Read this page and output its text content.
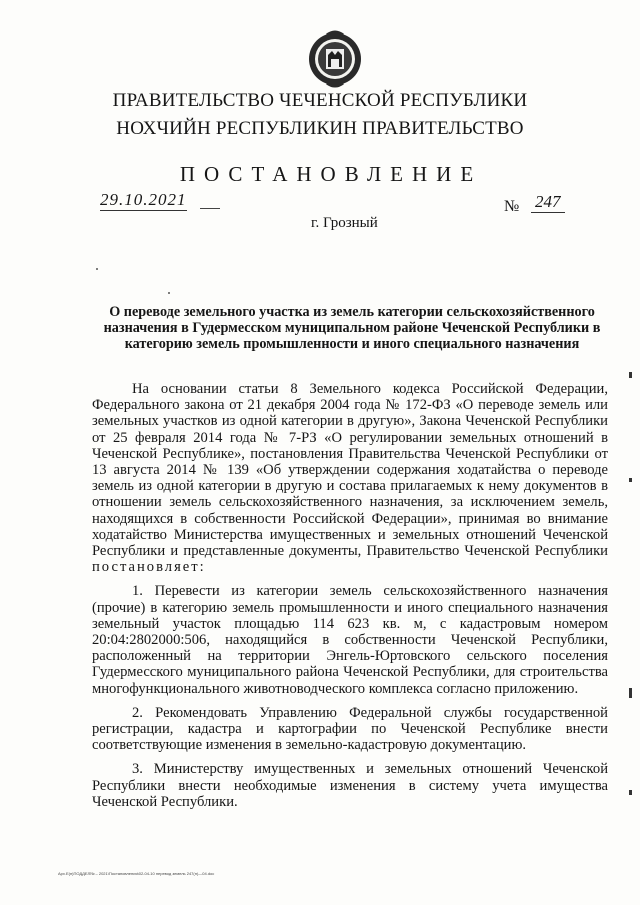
ПРАВИТЕЛЬСТВО ЧЕЧЕНСКОЙ РЕСПУБЛИКИ
НОХЧИЙН РЕСПУБЛИКИН ПРАВИТЕЛЬСТВО
ПОСТАНОВЛЕНИЕ
29.10.2021	№ 247
г. Грозный
О переводе земельного участка из земель категории сельскохозяйственного назначения в Гудермесском муниципальном районе Чеченской Республики в категорию земель промышленности и иного специального назначения

На основании статьи 8 Земельного кодекса Российской Федерации, Федерального закона от 21 декабря 2004 года № 172-ФЗ «О переводе земель или земельных участков из одной категории в другую», Закона Чеченской Республики от 25 февраля 2014 года № 7-РЗ «О регулировании земельных отношений в Чеченской Республике», постановления Правительства Чеченской Республики от 13 августа 2014 № 139 «Об утверждении содержания ходатайства о переводе земель из одной категории в другую и состава прилагаемых к нему документов в отношении земель сельскохозяйственного назначения, за исключением земель, находящихся в собственности Российской Федерации», принимая во внимание ходатайство Министерства имущественных и земельных отношений Чеченской Республики и представленные документы, Правительство Чеченской Республики постановляет:

1. Перевести из категории земель сельскохозяйственного назначения (прочие) в категорию земель промышленности и иного специального назначения земельный участок площадью 114 623 кв. м, с кадастровым номером 20:04:2802000:506, находящийся в собственности Чеченской Республики, расположенный на территории Энгель-Юртовского сельского поселения Гудермесского муниципального района Чеченской Республики, для строительства многофункционального животноводческого комплекса согласно приложению.

2. Рекомендовать Управлению Федеральной службы государственной регистрации, кадастра и картографии по Чеченской Республике внести соответствующие изменения в земельно-кадастровую документацию.

3. Министерству имущественных и земельных отношений Чеченской Республики внести необходимые изменения в систему учета имущества Чеченской Республики.

Арх.Е(н)ПОДДЕЛ№ – 2021\Постановления\02-04-10 перевод земель 247(н)—04.doc
